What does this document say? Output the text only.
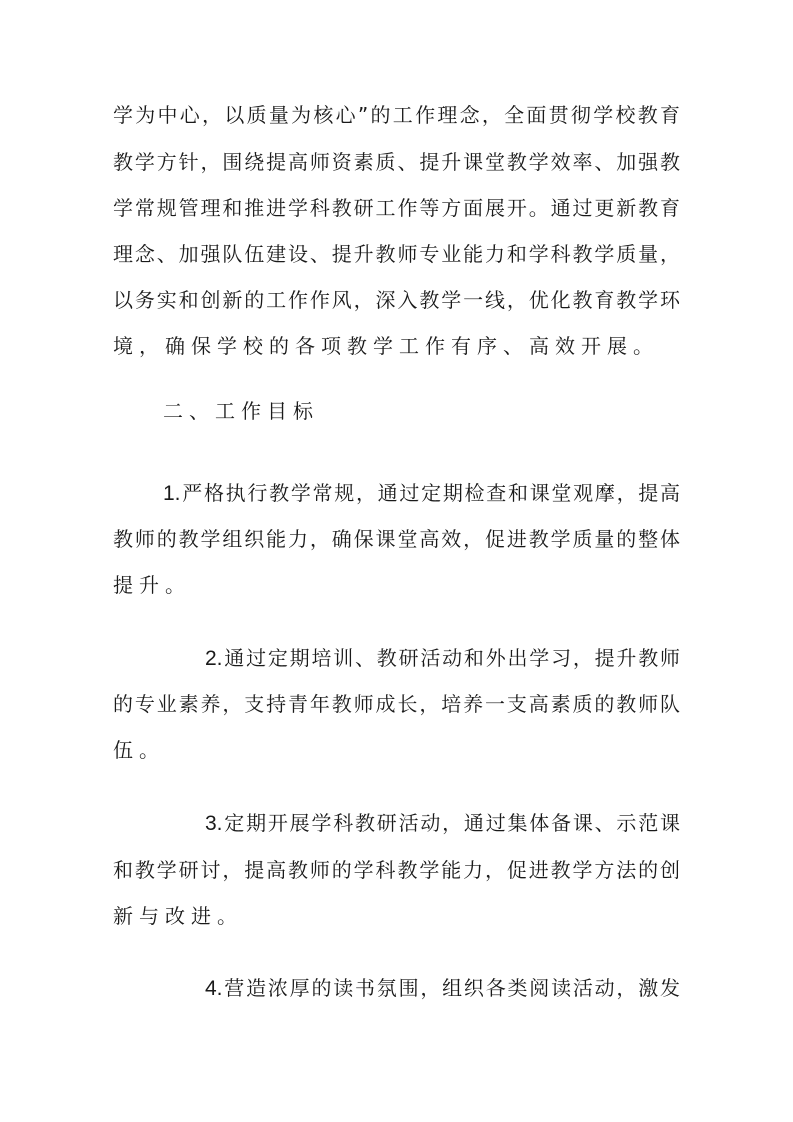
学为中心，以质量为核心”的工作理念，全面贯彻学校教育
教学方针，围绕提高师资素质、提升课堂教学效率、加强教
学常规管理和推进学科教研工作等方面展开。通过更新教育
理念、加强队伍建设、提升教师专业能力和学科教学质量，
以务实和创新的工作作风，深入教学一线，优化教育教学环
境，确保学校的各项教学工作有序、高效开展。
二、工作目标
1.严格执行教学常规，通过定期检查和课堂观摩，提高
教师的教学组织能力，确保课堂高效，促进教学质量的整体
提升。
2.通过定期培训、教研活动和外出学习，提升教师
的专业素养，支持青年教师成长，培养一支高素质的教师队
伍。
3.定期开展学科教研活动，通过集体备课、示范课
和教学研讨，提高教师的学科教学能力，促进教学方法的创
新与改进。
4.营造浓厚的读书氛围，组织各类阅读活动，激发
